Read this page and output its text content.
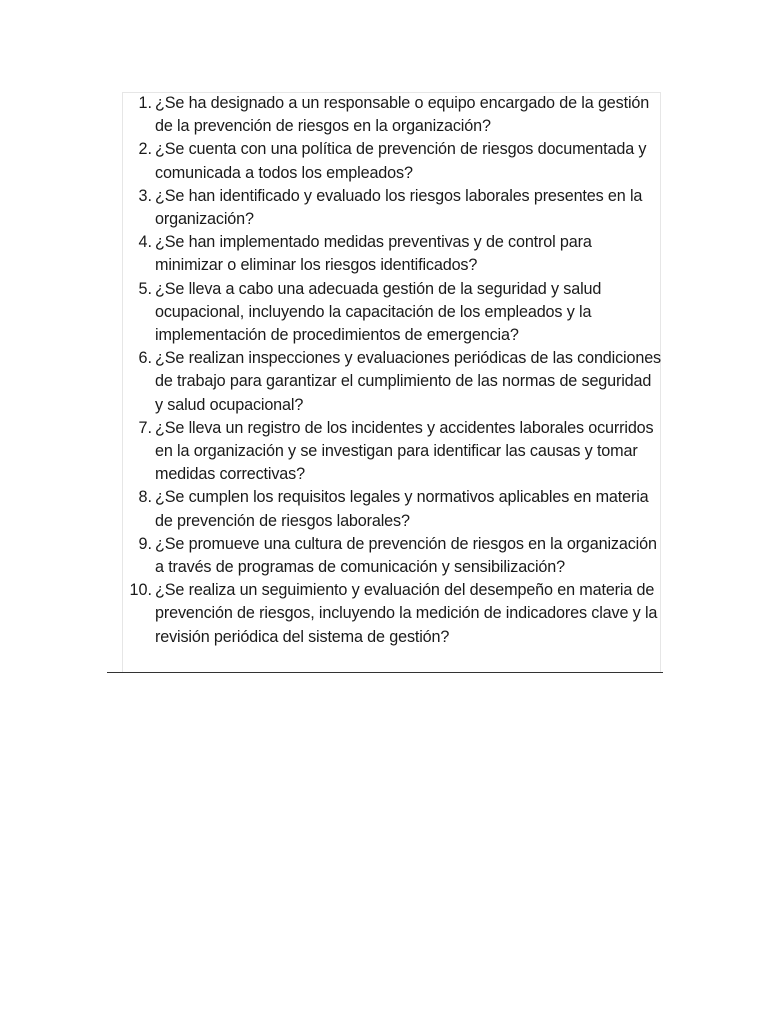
1. ¿Se ha designado a un responsable o equipo encargado de la gestión de la prevención de riesgos en la organización?
2. ¿Se cuenta con una política de prevención de riesgos documentada y comunicada a todos los empleados?
3. ¿Se han identificado y evaluado los riesgos laborales presentes en la organización?
4. ¿Se han implementado medidas preventivas y de control para minimizar o eliminar los riesgos identificados?
5. ¿Se lleva a cabo una adecuada gestión de la seguridad y salud ocupacional, incluyendo la capacitación de los empleados y la implementación de procedimientos de emergencia?
6. ¿Se realizan inspecciones y evaluaciones periódicas de las condiciones de trabajo para garantizar el cumplimiento de las normas de seguridad y salud ocupacional?
7. ¿Se lleva un registro de los incidentes y accidentes laborales ocurridos en la organización y se investigan para identificar las causas y tomar medidas correctivas?
8. ¿Se cumplen los requisitos legales y normativos aplicables en materia de prevención de riesgos laborales?
9. ¿Se promueve una cultura de prevención de riesgos en la organización a través de programas de comunicación y sensibilización?
10. ¿Se realiza un seguimiento y evaluación del desempeño en materia de prevención de riesgos, incluyendo la medición de indicadores clave y la revisión periódica del sistema de gestión?
